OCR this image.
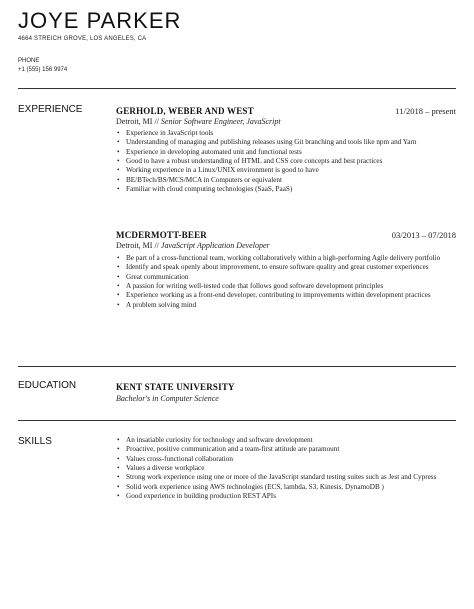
JOYE PARKER
4664 STREICH GROVE, LOS ANGELES, CA
PHONE
+1 (555) 156 9974
EXPERIENCE	GERHOLD, WEBER AND WEST	11/2018 – present
Detroit, MI // Senior Software Engineer, JavaScript
• Experience in JavaScript tools
• Understanding of managing and publishing releases using Git branching and tools like npm and Yarn
• Experience in developing automated unit and functional tests
• Good to have a robust understanding of HTML and CSS core concepts and best practices
• Working experience in a Linux/UNIX environment is good to have
• BE/BTech/BS/MCS/MCA in Computers or equivalent
• Familiar with cloud computing technologies (SaaS, PaaS)
MCDERMOTT-BEER	03/2013 – 07/2018
Detroit, MI // JavaScript Application Developer
• Be part of a cross-functional team, working collaboratively within a high-performing Agile delivery portfolio
• Identify and speak openly about improvement, to ensure software quality and great customer experiences
• Great communication
• A passion for writing well-tested code that follows good software development principles
• Experience working as a front-end developer, contributing to improvements within development practices
• A problem solving mind
EDUCATION	KENT STATE UNIVERSITY
Bachelor's in Computer Science
SKILLS
•	An insatiable curiosity for technology and software development
• Proactive, positive communication and a team-first attitude are paramount
• Values cross-functional collaboration
• Values a diverse workplace
• Strong work experience using one or more of the JavaScript standard testing suites such as Jest and Cypress
• Solid work experience using AWS technologies (ECS, lambda, S3, Kinesis, DynamoDB )
• Good experience in building production REST APIs
